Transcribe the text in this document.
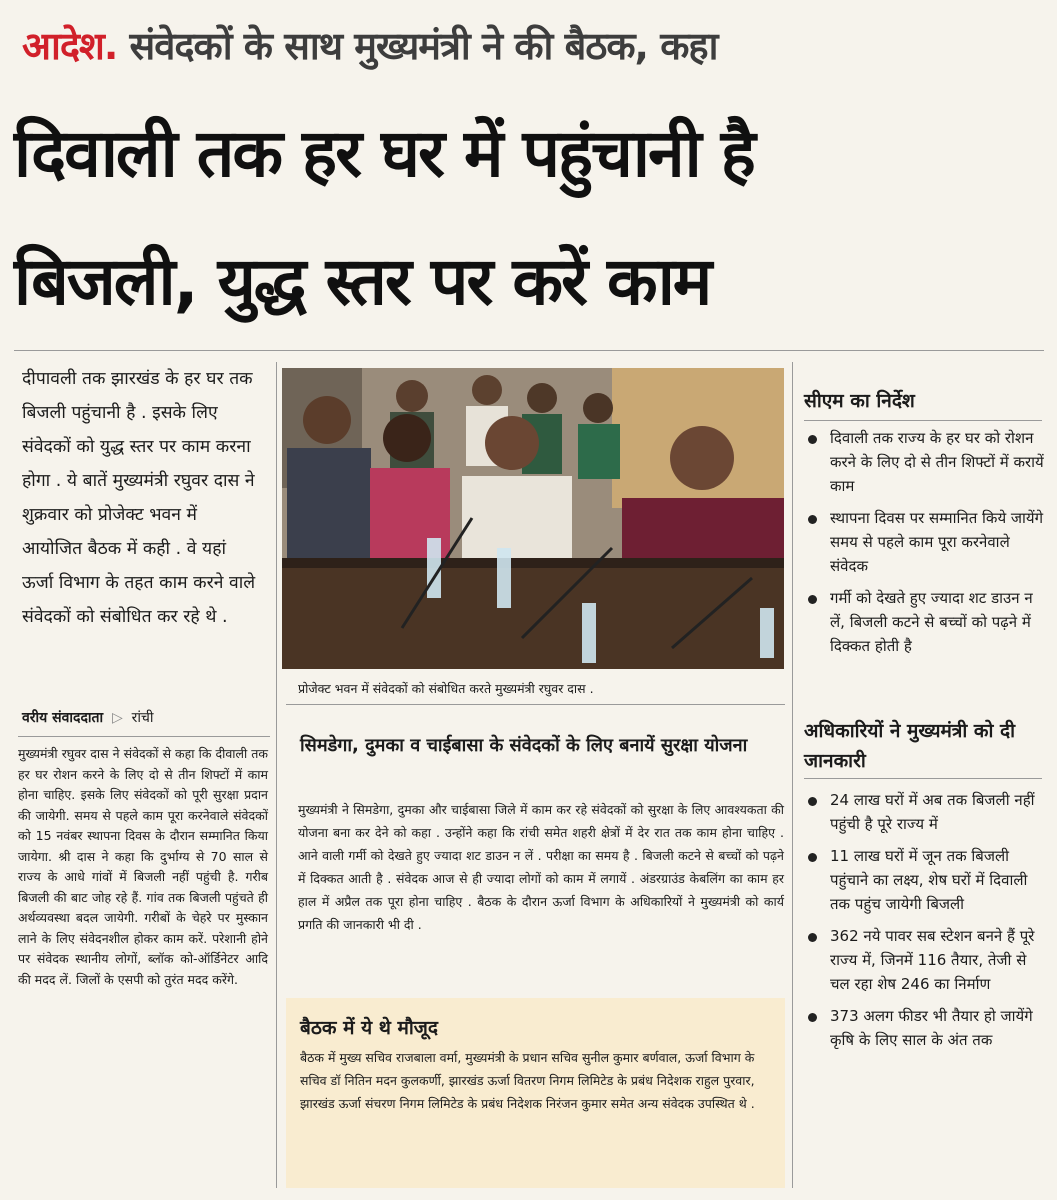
आदेश. संवेदकों के साथ मुख्यमंत्री ने की बैठक, कहा
दिवाली तक हर घर में पहुंचानी है
बिजली, युद्ध स्तर पर करें काम
दीपावली तक झारखंड के हर घर तक बिजली पहुंचानी है . इसके लिए संवेदकों को युद्ध स्तर पर काम करना होगा . ये बातें मुख्यमंत्री रघुवर दास ने शुक्रवार को प्रोजेक्ट भवन में आयोजित बैठक में कही . वे यहां ऊर्जा विभाग के तहत काम करने वाले संवेदकों को संबोधित कर रहे थे .
वरीय संवाददाता ▷ रांची
मुख्यमंत्री रघुवर दास ने संवेदकों से कहा कि दीवाली तक हर घर रोशन करने के लिए दो से तीन शिफ्टों में काम होना चाहिए. इसके लिए संवेदकों को पूरी सुरक्षा प्रदान की जायेगी. समय से पहले काम पूरा करनेवाले संवेदकों को 15 नवंबर स्थापना दिवस के दौरान सम्मानित किया जायेगा. श्री दास ने कहा कि दुर्भाग्य से 70 साल से राज्य के आधे गांवों में बिजली नहीं पहुंची है. गरीब बिजली की बाट जोह रहे हैं. गांव तक बिजली पहुंचते ही अर्थव्यवस्था बदल जायेगी. गरीबों के चेहरे पर मुस्कान लाने के लिए संवेदनशील होकर काम करें. परेशानी होने पर संवेदक स्थानीय लोगों, ब्लॉक को-ऑर्डिनेटर आदि की मदद लें. जिलों के एसपी को तुरंत मदद करेंगे.
प्रोजेक्ट भवन में संवेदकों को संबोधित करते मुख्यमंत्री रघुवर दास .
सिमडेगा, दुमका व चाईबासा के संवेदकों के लिए बनायें सुरक्षा योजना
मुख्यमंत्री ने सिमडेगा, दुमका और चाईबासा जिले में काम कर रहे संवेदकों को सुरक्षा के लिए आवश्यकता की योजना बना कर देने को कहा . उन्होंने कहा कि रांची समेत शहरी क्षेत्रों में देर रात तक काम होना चाहिए . आने वाली गर्मी को देखते हुए ज्यादा शट डाउन न लें . परीक्षा का समय है . बिजली कटने से बच्चों को पढ़ने में दिक्कत आती है . संवेदक आज से ही ज्यादा लोगों को काम में लगायें . अंडरग्राउंड केबलिंग का काम हर हाल में अप्रैल तक पूरा होना चाहिए . बैठक के दौरान ऊर्जा विभाग के अधिकारियों ने मुख्यमंत्री को कार्य प्रगति की जानकारी भी दी .
बैठक में ये थे मौजूद
बैठक में मुख्य सचिव राजबाला वर्मा, मुख्यमंत्री के प्रधान सचिव सुनील कुमार बर्णवाल, ऊर्जा विभाग के सचिव डॉ नितिन मदन कुलकर्णी, झारखंड ऊर्जा वितरण निगम लिमिटेड के प्रबंध निदेशक राहुल पुरवार, झारखंड ऊर्जा संचरण निगम लिमिटेड के प्रबंध निदेशक निरंजन कुमार समेत अन्य संवेदक उपस्थित थे .
सीएम का निर्देश
दिवाली तक राज्य के हर घर को रोशन करने के लिए दो से तीन शिफ्टों में करायें काम
स्थापना दिवस पर सम्मानित किये जायेंगे समय से पहले काम पूरा करनेवाले संवेदक
गर्मी को देखते हुए ज्यादा शट डाउन न लें, बिजली कटने से बच्चों को पढ़ने में दिक्कत होती है
अधिकारियों ने मुख्यमंत्री को दी जानकारी
24 लाख घरों में अब तक बिजली नहीं पहुंची है पूरे राज्य में
11 लाख घरों में जून तक बिजली पहुंचाने का लक्ष्य, शेष घरों में दिवाली तक पहुंच जायेगी बिजली
362 नये पावर सब स्टेशन बनने हैं पूरे राज्य में, जिनमें 116 तैयार, तेजी से चल रहा शेष 246 का निर्माण
373 अलग फीडर भी तैयार हो जायेंगे कृषि के लिए साल के अंत तक
